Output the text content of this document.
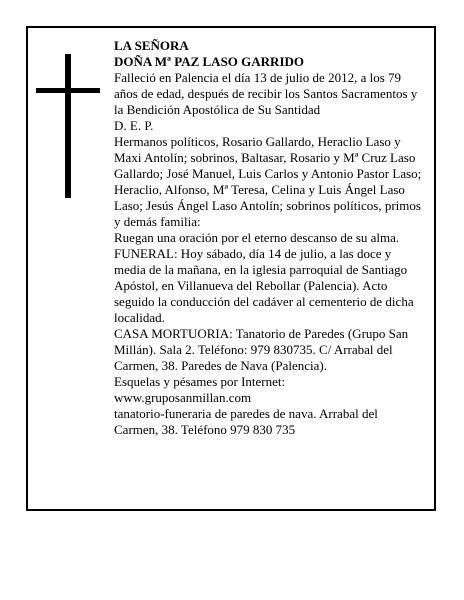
LA SEÑORA

DOÑA Mª PAZ LASO GARRIDO

Falleció en Palencia el día 13 de julio de 2012, a los 79 años de edad, después de recibir los Santos Sacramentos y la Bendición Apostólica de Su Santidad

D. E. P.

Hermanos políticos, Rosario Gallardo, Heraclio Laso y Maxi Antolín; sobrinos, Baltasar, Rosario y Mª Cruz Laso Gallardo; José Manuel, Luis Carlos y Antonio Pastor Laso; Heraclio, Alfonso, Mª Teresa, Celina y Luis Ángel Laso Laso; Jesús Ángel Laso Antolín; sobrinos políticos, primos y demás familia:

Ruegan una oración por el eterno descanso de su alma.

FUNERAL: Hoy sábado, día 14 de julio, a las doce y media de la mañana, en la iglesia parroquial de Santiago Apóstol, en Villanueva del Rebollar (Palencia). Acto seguido la conducción del cadáver al cementerio de dicha localidad.

CASA MORTUORIA: Tanatorio de Paredes (Grupo San Millán). Sala 2. Teléfono: 979 830735. C/ Arrabal del Carmen, 38. Paredes de Nava (Palencia).

Esquelas y pésames por Internet:

www.gruposanmillan.com

tanatorio-funeraria de paredes de nava. Arrabal del Carmen, 38. Teléfono 979 830 735
